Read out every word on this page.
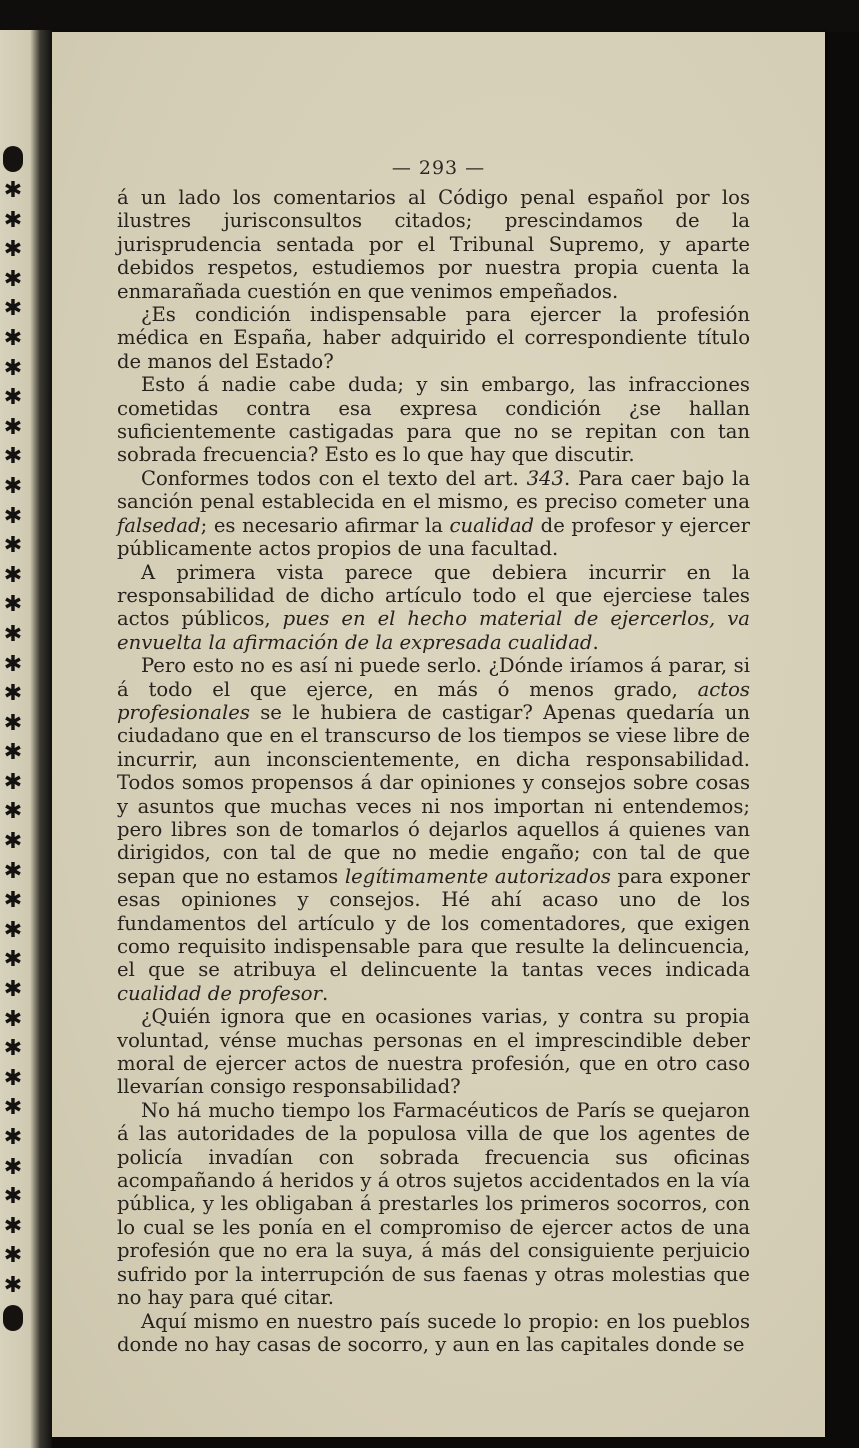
✱
✱
✱
✱
✱
✱
✱
✱
✱
✱
✱
✱
✱
✱
✱
✱
✱
✱
✱
✱
✱
✱
✱
✱
✱
✱
✱
✱
✱
✱
✱
✱
✱
✱
✱
✱
✱
✱
— 293 —

á un lado los comentarios al Código penal español por los ilustres jurisconsultos citados; prescindamos de la jurisprudencia sentada por el Tribunal Supremo, y aparte debidos respetos, estudiemos por nuestra propia cuenta la enmarañada cuestión en que venimos empeñados.

¿Es condición indispensable para ejercer la profesión médica en España, haber adquirido el correspondiente título de manos del Estado?

Esto á nadie cabe duda; y sin embargo, las infracciones cometidas contra esa expresa condición ¿se hallan suficientemente castigadas para que no se repitan con tan sobrada frecuencia? Esto es lo que hay que discutir.

Conformes todos con el texto del art. 343. Para caer bajo la sanción penal establecida en el mismo, es preciso cometer una falsedad; es necesario afirmar la cualidad de profesor y ejercer públicamente actos propios de una facultad.

A primera vista parece que debiera incurrir en la responsabilidad de dicho artículo todo el que ejerciese tales actos públicos, pues en el hecho material de ejercerlos, va envuelta la afirmación de la expresada cualidad.

Pero esto no es así ni puede serlo. ¿Dónde iríamos á parar, si á todo el que ejerce, en más ó menos grado, actos profesionales se le hubiera de castigar? Apenas quedaría un ciudadano que en el transcurso de los tiempos se viese libre de incurrir, aun inconscientemente, en dicha responsabilidad. Todos somos propensos á dar opiniones y consejos sobre cosas y asuntos que muchas veces ni nos importan ni entendemos; pero libres son de tomarlos ó dejarlos aquellos á quienes van dirigidos, con tal de que no medie engaño; con tal de que sepan que no estamos legítimamente autorizados para exponer esas opiniones y consejos. Hé ahí acaso uno de los fundamentos del artículo y de los comentadores, que exigen como requisito indispensable para que resulte la delincuencia, el que se atribuya el delincuente la tantas veces indicada cualidad de profesor.

¿Quién ignora que en ocasiones varias, y contra su propia voluntad, vénse muchas personas en el imprescindible deber moral de ejercer actos de nuestra profesión, que en otro caso llevarían consigo responsabilidad?

No há mucho tiempo los Farmacéuticos de París se quejaron á las autoridades de la populosa villa de que los agentes de policía invadían con sobrada frecuencia sus oficinas acompañando á heridos y á otros sujetos accidentados en la vía pública, y les obligaban á prestarles los primeros socorros, con lo cual se les ponía en el compromiso de ejercer actos de una profesión que no era la suya, á más del consiguiente perjuicio sufrido por la interrupción de sus faenas y otras molestias que no hay para qué citar.

Aquí mismo en nuestro país sucede lo propio: en los pueblos donde no hay casas de socorro, y aun en las capitales donde se
